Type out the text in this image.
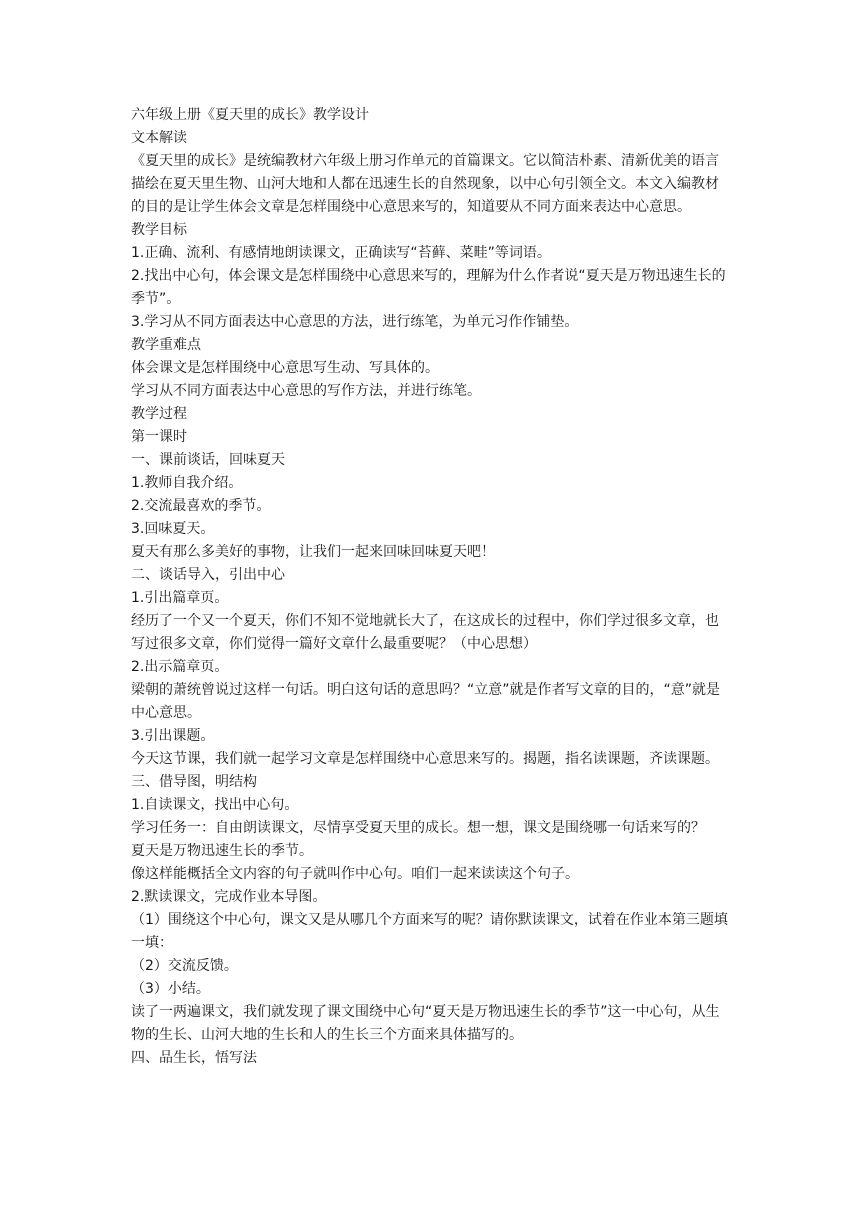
六年级上册《夏天里的成长》教学设计

文本解读

《夏天里的成长》是统编教材六年级上册习作单元的首篇课文。它以简洁朴素、清新优美的语言描绘在夏天里生物、山河大地和人都在迅速生长的自然现象，以中心句引领全文。本文入编教材的目的是让学生体会文章是怎样围绕中心意思来写的，知道要从不同方面来表达中心意思。

教学目标

1.正确、流利、有感情地朗读课文，正确读写“苔藓、菜畦”等词语。

2.找出中心句，体会课文是怎样围绕中心意思来写的，理解为什么作者说“夏天是万物迅速生长的季节”。

3.学习从不同方面表达中心意思的方法，进行练笔，为单元习作作铺垫。

教学重难点

体会课文是怎样围绕中心意思写生动、写具体的。

学习从不同方面表达中心意思的写作方法，并进行练笔。

教学过程

第一课时

一、课前谈话，回味夏天

1.教师自我介绍。

2.交流最喜欢的季节。

3.回味夏天。

夏天有那么多美好的事物，让我们一起来回味回味夏天吧！

二、谈话导入，引出中心

1.引出篇章页。

经历了一个又一个夏天，你们不知不觉地就长大了，在这成长的过程中，你们学过很多文章，也写过很多文章，你们觉得一篇好文章什么最重要呢？（中心思想）

2.出示篇章页。

梁朝的萧统曾说过这样一句话。明白这句话的意思吗？“立意”就是作者写文章的目的，“意”就是中心意思。

3.引出课题。

今天这节课，我们就一起学习文章是怎样围绕中心意思来写的。揭题，指名读课题，齐读课题。

三、借导图，明结构

1.自读课文，找出中心句。

学习任务一：自由朗读课文，尽情享受夏天里的成长。想一想，课文是围绕哪一句话来写的？

夏天是万物迅速生长的季节。

像这样能概括全文内容的句子就叫作中心句。咱们一起来读读这个句子。

2.默读课文，完成作业本导图。

（1）围绕这个中心句，课文又是从哪几个方面来写的呢？请你默读课文，试着在作业本第三题填一填：

（2）交流反馈。

（3）小结。

读了一两遍课文，我们就发现了课文围绕中心句“夏天是万物迅速生长的季节”这一中心句，从生物的生长、山河大地的生长和人的生长三个方面来具体描写的。

四、品生长，悟写法
